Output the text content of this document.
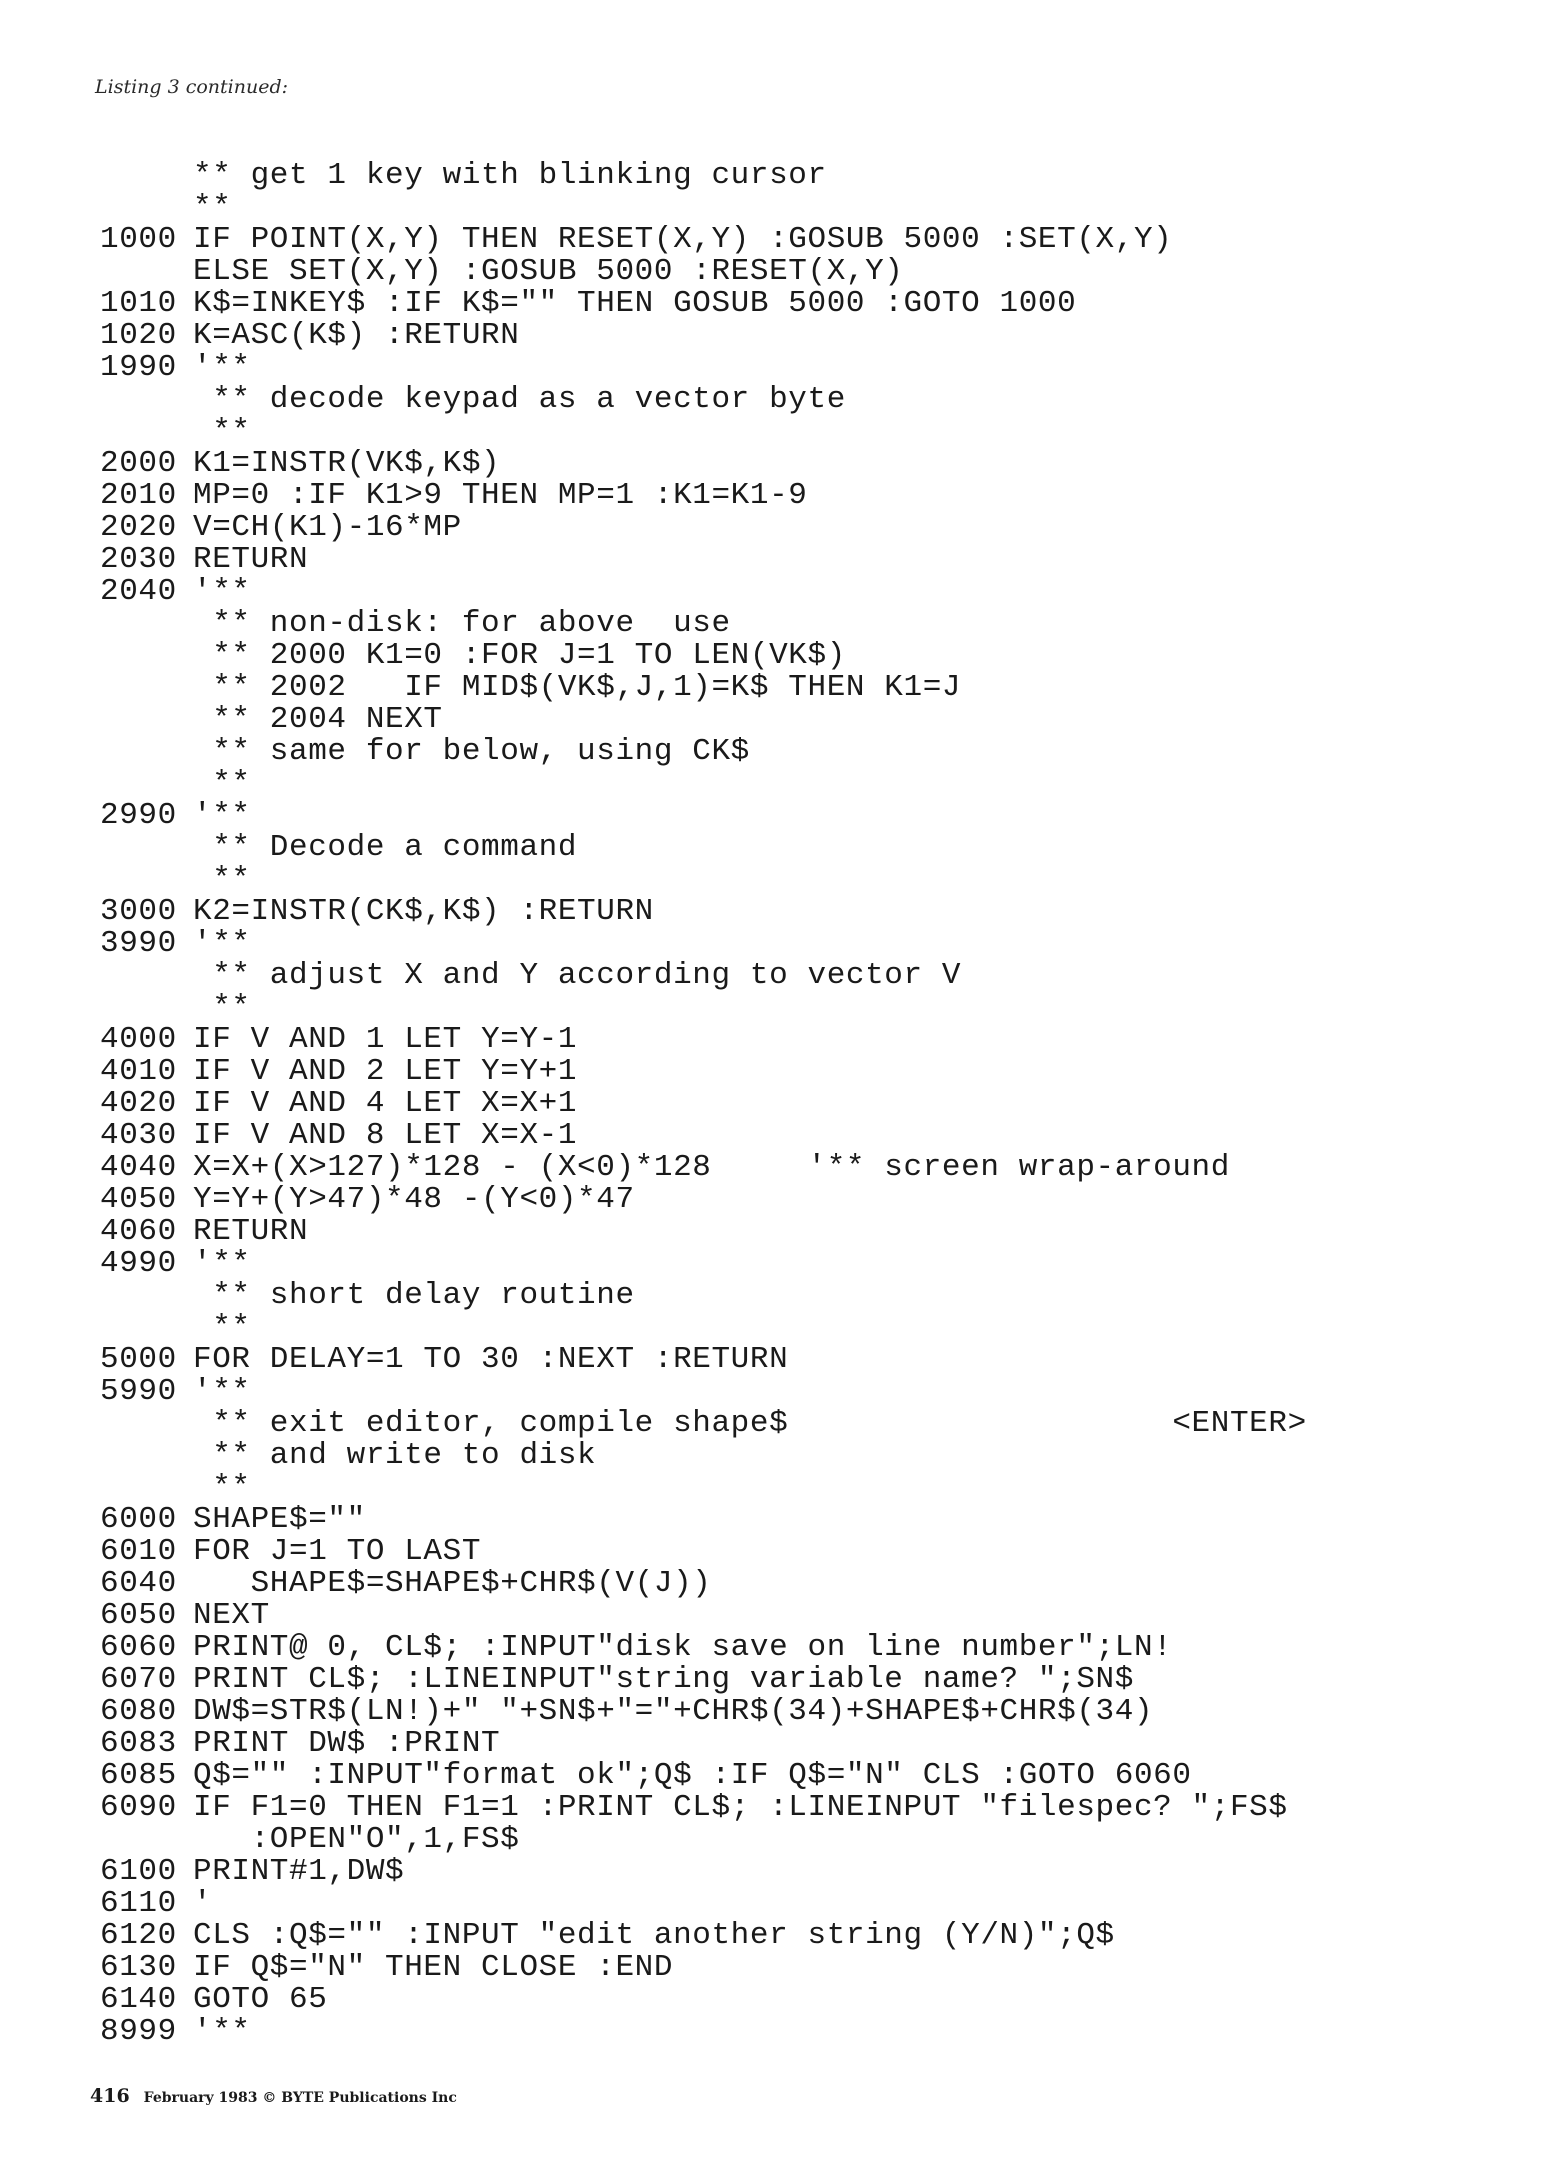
Listing 3 continued:
** get 1 key with blinking cursor
**
1000 IF POINT(X,Y) THEN RESET(X,Y) :GOSUB 5000 :SET(X,Y)
ELSE SET(X,Y) :GOSUB 5000 :RESET(X,Y)
1010 K$=INKEY$ :IF K$="" THEN GOSUB 5000 :GOTO 1000
1020 K=ASC(K$) :RETURN
1990 '**
** decode keypad as a vector byte
**
2000 K1=INSTR(VK$,K$)
2010 MP=0 :IF K1>9 THEN MP=1 :K1=K1-9
2020 V=CH(K1)-16*MP
2030 RETURN
2040 '**
** non-disk: for above  use
** 2000 K1=0 :FOR J=1 TO LEN(VK$)
** 2002   IF MID$(VK$,J,1)=K$ THEN K1=J
** 2004 NEXT
** same for below, using CK$
**
2990 '**
** Decode a command
**
3000 K2=INSTR(CK$,K$) :RETURN
3990 '**
** adjust X and Y according to vector V
**
4000 IF V AND 1 LET Y=Y-1
4010 IF V AND 2 LET Y=Y+1
4020 IF V AND 4 LET X=X+1
4030 IF V AND 8 LET X=X-1
4040 X=X+(X>127)*128 - (X<0)*128     '** screen wrap-around
4050 Y=Y+(Y>47)*48 -(Y<0)*47
4060 RETURN
4990 '**
** short delay routine
**
5000 FOR DELAY=1 TO 30 :NEXT :RETURN
5990 '**
** exit editor, compile shape$                    <ENTER>
** and write to disk
**
6000 SHAPE$=""
6010 FOR J=1 TO LAST
6040   SHAPE$=SHAPE$+CHR$(V(J))
6050 NEXT
6060 PRINT@ 0, CL$; :INPUT"disk save on line number";LN!
6070 PRINT CL$; :LINEINPUT"string variable name? ";SN$
6080 DW$=STR$(LN!)+" "+SN$+"="+CHR$(34)+SHAPE$+CHR$(34)
6083 PRINT DW$ :PRINT
6085 Q$="" :INPUT"format ok";Q$ :IF Q$="N" CLS :GOTO 6060
6090 IF F1=0 THEN F1=1 :PRINT CL$; :LINEINPUT "filespec? ";FS$
:OPEN"O",1,FS$
6100 PRINT#1,DW$
6110 '
6120 CLS :Q$="" :INPUT "edit another string (Y/N)";Q$
6130 IF Q$="N" THEN CLOSE :END
6140 GOTO 65
8999 '**
416 February 1983 © BYTE Publications Inc
